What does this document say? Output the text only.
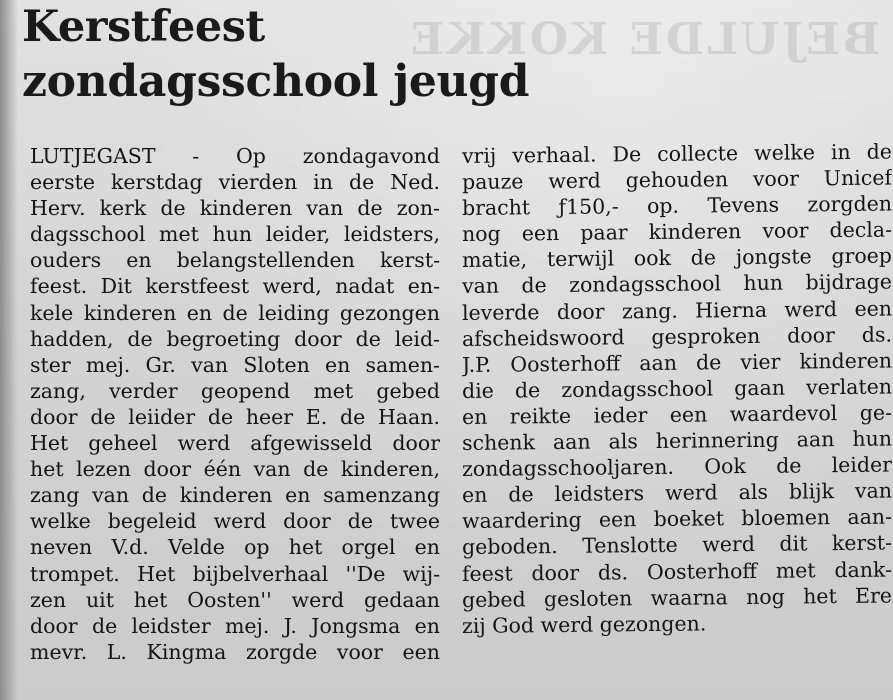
BEJULDE KOKKE
Kerstfeest
zondagsschool jeugd
LUTJEGAST - Op zondagavond
eerste kerstdag vierden in de Ned.
Herv. kerk de kinderen van de zon-
dagsschool met hun leider, leidsters,
ouders en belangstellenden kerst-
feest. Dit kerstfeest werd, nadat en-
kele kinderen en de leiding gezongen
hadden, de begroeting door de leid-
ster mej. Gr. van Sloten en samen-
zang, verder geopend met gebed
door de leiider de heer E. de Haan.
Het geheel werd afgewisseld door
het lezen door één van de kinderen,
zang van de kinderen en samenzang
welke begeleid werd door de twee
neven V.d. Velde op het orgel en
trompet. Het bijbelverhaal ''De wij-
zen uit het Oosten'' werd gedaan
door de leidster mej. J. Jongsma en
mevr. L. Kingma zorgde voor een
vrij verhaal. De collecte welke in de
pauze werd gehouden voor Unicef
bracht ƒ150,- op. Tevens zorgden
nog een paar kinderen voor decla-
matie, terwijl ook de jongste groep
van de zondagsschool hun bijdrage
leverde door zang. Hierna werd een
afscheidswoord gesproken door ds.
J.P. Oosterhoff aan de vier kinderen
die de zondagsschool gaan verlaten
en reikte ieder een waardevol ge-
schenk aan als herinnering aan hun
zondagsschooljaren. Ook de leider
en de leidsters werd als blijk van
waardering een boeket bloemen aan-
geboden. Tenslotte werd dit kerst-
feest door ds. Oosterhoff met dank-
gebed gesloten waarna nog het Ere
zij God werd gezongen.
